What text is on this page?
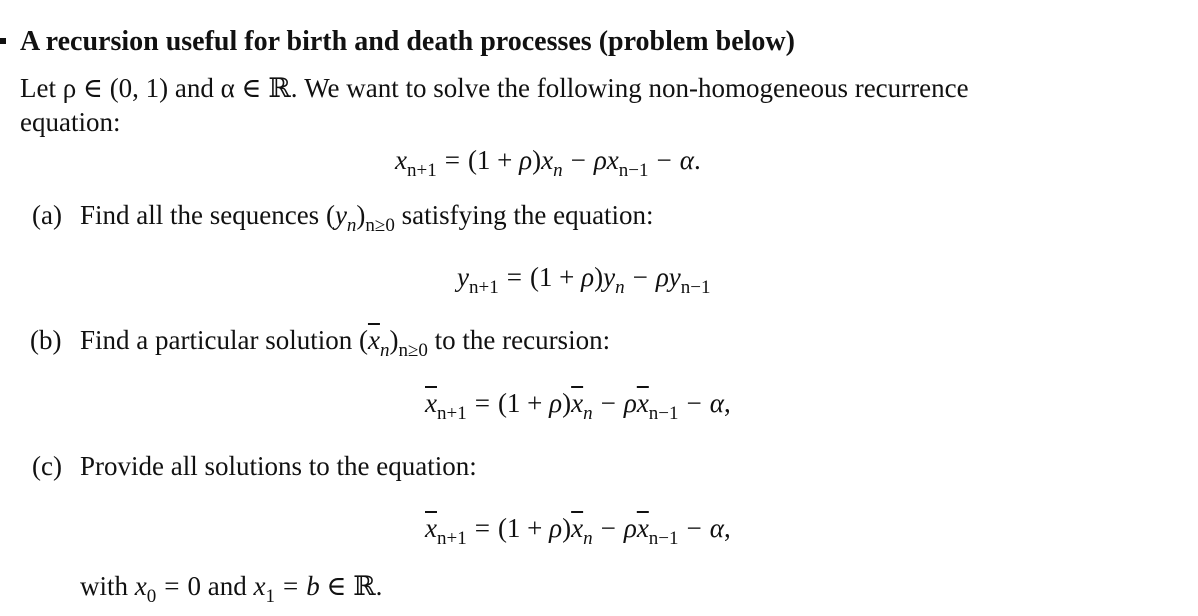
A recursion useful for birth and death processes (problem below)
Let ρ ∈ (0, 1) and α ∈ ℝ. We want to solve the following non-homogeneous recurrence
equation:
$x_{n+1} = (1 + \rho)x_n - \rho x_{n-1} - \alpha$.
(a) Find all the sequences $(y_n)_{n\ge 0}$ satisfying the equation:
$y_{n+1} = (1 + \rho)y_n - \rho y_{n-1}$
(b) Find a particular solution $(\overline{x}_n)_{n\ge 0}$ to the recursion:
$\overline{x}_{n+1} = (1 + \rho)\overline{x}_n - \rho\overline{x}_{n-1} - \alpha$,
(c) Provide all solutions to the equation:
$\overline{x}_{n+1} = (1 + \rho)\overline{x}_n - \rho\overline{x}_{n-1} - \alpha$,
with $x_0 = 0$ and $x_1 = b$ ∈ ℝ.
